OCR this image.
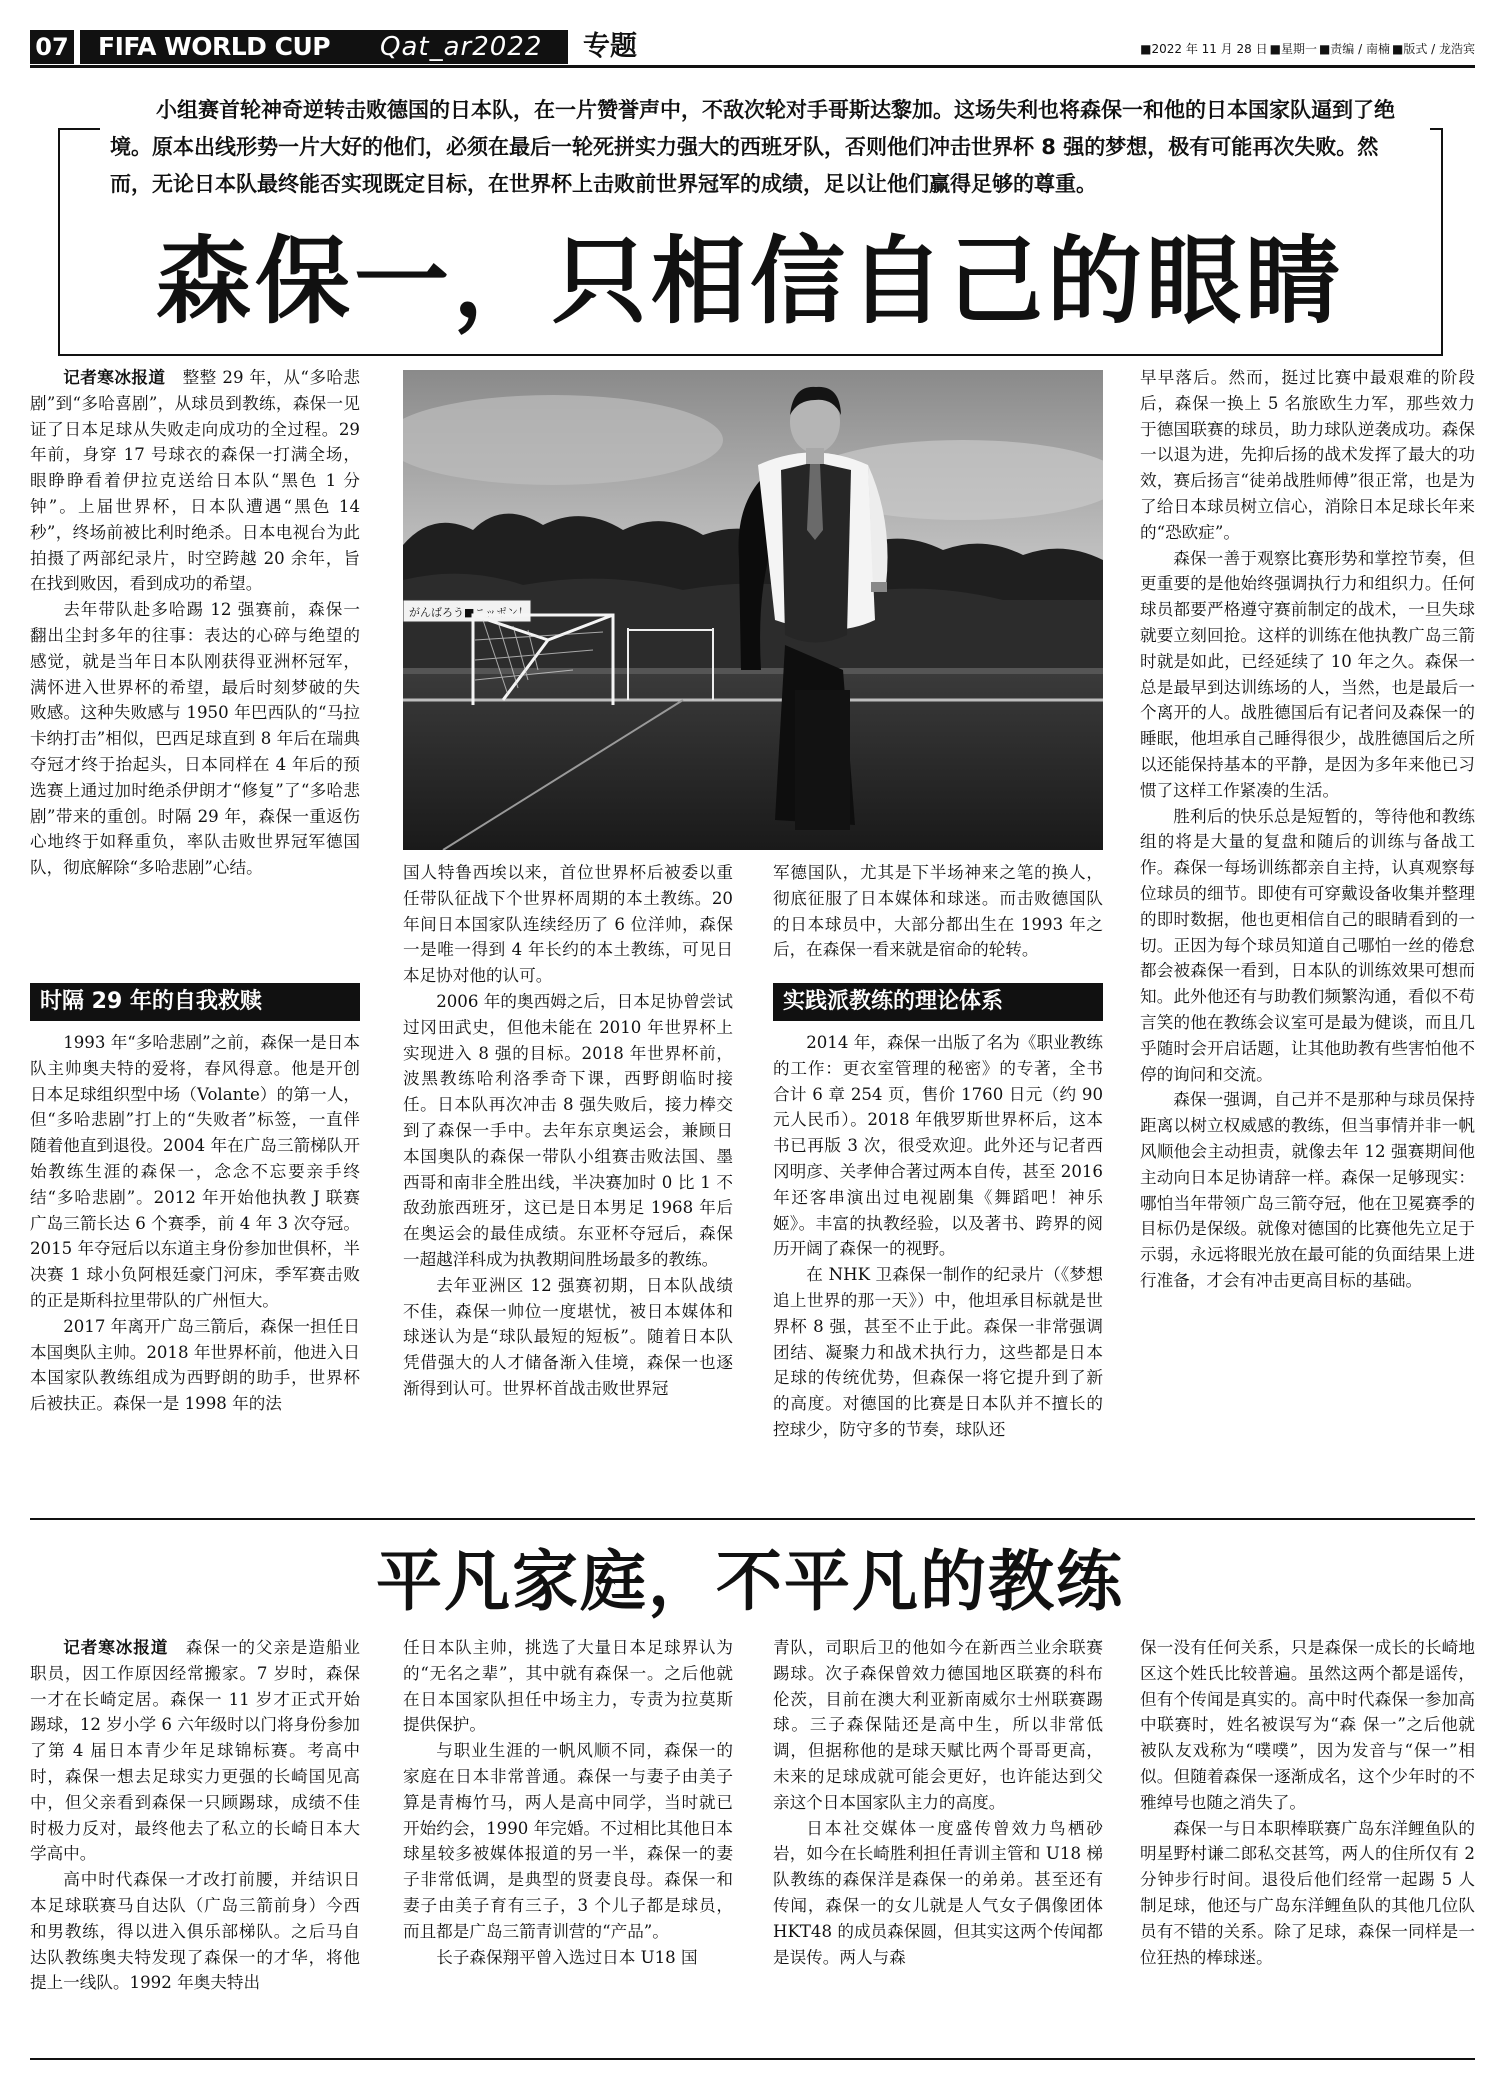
07 FIFA WORLD CUP Qat_ar2022 专题	■2022 年 11 月 28 日 ■星期一 ■责编 / 南楠 ■版式 / 龙浩宾
小组赛首轮神奇逆转击败德国的日本队，在一片赞誉声中，不敌次轮对手哥斯达黎加。这场失利也将森保一和他的日本国家队逼到了绝境。原本出线形势一片大好的他们，必须在最后一轮死拼实力强大的西班牙队，否则他们冲击世界杯 8 强的梦想，极有可能再次失败。然而，无论日本队最终能否实现既定目标，在世界杯上击败前世界冠军的成绩，足以让他们赢得足够的尊重。
森保一，只相信自己的眼睛

记者寒冰报道　 整整 29 年，从“多哈悲剧”到“多哈喜剧”，从球员到教练，森保一见证了日本足球从失败走向成功的全过程。29 年前，身穿 17 号球衣的森保一打满全场，眼睁睁看着伊拉克送给日本队“黑色 1 分钟”。上届世界杯，日本队遭遇“黑色 14 秒”，终场前被比利时绝杀。日本电视台为此拍摄了两部纪录片，时空跨越 20 余年，旨在找到败因，看到成功的希望。

去年带队赴多哈踢 12 强赛前，森保一翻出尘封多年的往事：表达的心碎与绝望的感觉，就是当年日本队刚获得亚洲杯冠军，满怀进入世界杯的希望，最后时刻梦破的失败感。这种失败感与 1950 年巴西队的“马拉卡纳打击”相似，巴西足球直到 8 年后在瑞典夺冠才终于抬起头，日本同样在 4 年后的预选赛上通过加时绝杀伊朗才“修复”了“多哈悲剧”带来的重创。时隔 29 年，森保一重返伤心地终于如释重负，率队击败世界冠军德国队，彻底解除“多哈悲剧”心结。

时隔 29 年的自我救赎

1993 年“多哈悲剧”之前，森保一是日本队主帅奥夫特的爱将，春风得意。他是开创日本足球组织型中场（Volante）的第一人，但“多哈悲剧”打上的“失败者”标签，一直伴随着他直到退役。2004 年在广岛三箭梯队开始教练生涯的森保一，念念不忘要亲手终结“多哈悲剧”。2012 年开始他执教 J 联赛广岛三箭长达 6 个赛季，前 4 年 3 次夺冠。2015 年夺冠后以东道主身份参加世俱杯，半决赛 1 球小负阿根廷豪门河床，季军赛击败的正是斯科拉里带队的广州恒大。

2017 年离开广岛三箭后，森保一担任日本国奥队主帅。2018 年世界杯前，他进入日本国家队教练组成为西野朗的助手，世界杯后被扶正。森保一是 1998 年的法

がんばろう■ニッポン！

国人特鲁西埃以来，首位世界杯后被委以重任带队征战下个世界杯周期的本土教练。20 年间日本国家队连续经历了 6 位洋帅，森保一是唯一得到 4 年长约的本土教练，可见日本足协对他的认可。

2006 年的奥西姆之后，日本足协曾尝试过冈田武史，但他未能在 2010 年世界杯上实现进入 8 强的目标。2018 年世界杯前，波黑教练哈利洛季奇下课，西野朗临时接任。日本队再次冲击 8 强失败后，接力棒交到了森保一手中。去年东京奥运会，兼顾日本国奥队的森保一带队小组赛击败法国、墨西哥和南非全胜出线，半决赛加时 0 比 1 不敌劲旅西班牙，这已是日本男足 1968 年后在奥运会的最佳成绩。东亚杯夺冠后，森保一超越洋科成为执教期间胜场最多的教练。

去年亚洲区 12 强赛初期，日本队战绩不佳，森保一帅位一度堪忧，被日本媒体和球迷认为是“球队最短的短板”。随着日本队凭借强大的人才储备渐入佳境，森保一也逐渐得到认可。世界杯首战击败世界冠

军德国队，尤其是下半场神来之笔的换人，彻底征服了日本媒体和球迷。而击败德国队的日本球员中，大部分都出生在 1993 年之后，在森保一看来就是宿命的轮转。

实践派教练的理论体系

2014 年，森保一出版了名为《职业教练的工作：更衣室管理的秘密》的专著，全书合计 6 章 254 页，售价 1760 日元（约 90 元人民币）。2018 年俄罗斯世界杯后，这本书已再版 3 次，很受欢迎。此外还与记者西冈明彦、关孝伸合著过两本自传，甚至 2016 年还客串演出过电视剧集《舞蹈吧！神乐姬》。丰富的执教经验，以及著书、跨界的阅历开阔了森保一的视野。

在 NHK 卫森保一制作的纪录片（《梦想追上世界的那一天》）中，他坦承目标就是世界杯 8 强，甚至不止于此。森保一非常强调团结、凝聚力和战术执行力，这些都是日本足球的传统优势，但森保一将它提升到了新的高度。对德国的比赛是日本队并不擅长的控球少，防守多的节奏，球队还

早早落后。然而，挺过比赛中最艰难的阶段后，森保一换上 5 名旅欧生力军，那些效力于德国联赛的球员，助力球队逆袭成功。森保一以退为进，先抑后扬的战术发挥了最大的功效，赛后扬言“徒弟战胜师傅”很正常，也是为了给日本球员树立信心，消除日本足球长年来的“恐欧症”。

森保一善于观察比赛形势和掌控节奏，但更重要的是他始终强调执行力和组织力。任何球员都要严格遵守赛前制定的战术，一旦失球就要立刻回抢。这样的训练在他执教广岛三箭时就是如此，已经延续了 10 年之久。森保一总是最早到达训练场的人，当然，也是最后一个离开的人。战胜德国后有记者问及森保一的睡眠，他坦承自己睡得很少，战胜德国后之所以还能保持基本的平静，是因为多年来他已习惯了这样工作紧凑的生活。

胜利后的快乐总是短暂的，等待他和教练组的将是大量的复盘和随后的训练与备战工作。森保一每场训练都亲自主持，认真观察每位球员的细节。即使有可穿戴设备收集并整理的即时数据，他也更相信自己的眼睛看到的一切。正因为每个球员知道自己哪怕一丝的倦怠都会被森保一看到，日本队的训练效果可想而知。此外他还有与助教们频繁沟通，看似不苟言笑的他在教练会议室可是最为健谈，而且几乎随时会开启话题，让其他助教有些害怕他不停的询问和交流。

森保一强调，自己并不是那种与球员保持距离以树立权威感的教练，但当事情并非一帆风顺他会主动担责，就像去年 12 强赛期间他主动向日本足协请辞一样。森保一足够现实：哪怕当年带领广岛三箭夺冠，他在卫冕赛季的目标仍是保级。就像对德国的比赛他先立足于示弱，永远将眼光放在最可能的负面结果上进行准备，才会有冲击更高目标的基础。

平凡家庭，不平凡的教练

记者寒冰报道　 森保一的父亲是造船业职员，因工作原因经常搬家。7 岁时，森保一才在长崎定居。森保一 11 岁才正式开始踢球，12 岁小学 6 六年级时以门将身份参加了第 4 届日本青少年足球锦标赛。考高中时，森保一想去足球实力更强的长崎国见高中，但父亲看到森保一只顾踢球，成绩不佳时极力反对，最终他去了私立的长崎日本大学高中。

高中时代森保一才改打前腰，并结识日本足球联赛马自达队（广岛三箭前身）今西和男教练，得以进入俱乐部梯队。之后马自达队教练奥夫特发现了森保一的才华，将他提上一线队。1992 年奥夫特出

任日本队主帅，挑选了大量日本足球界认为的“无名之辈”，其中就有森保一。之后他就在日本国家队担任中场主力，专责为拉莫斯提供保护。

与职业生涯的一帆风顺不同，森保一的家庭在日本非常普通。森保一与妻子由美子算是青梅竹马，两人是高中同学，当时就已开始约会，1990 年完婚。不过相比其他日本球星较多被媒体报道的另一半，森保一的妻子非常低调，是典型的贤妻良母。森保一和妻子由美子育有三子，3 个儿子都是球员，而且都是广岛三箭青训营的“产品”。

长子森保翔平曾入选过日本 U18 国

青队，司职后卫的他如今在新西兰业余联赛踢球。次子森保曾效力德国地区联赛的科布伦茨，目前在澳大利亚新南威尔士州联赛踢球。三子森保陆还是高中生，所以非常低调，但据称他的是球天赋比两个哥哥更高，未来的足球成就可能会更好，也许能达到父亲这个日本国家队主力的高度。

日本社交媒体一度盛传曾效力鸟栖砂岩，如今在长崎胜利担任青训主管和 U18 梯队教练的森保洋是森保一的弟弟。甚至还有传闻，森保一的女儿就是人气女子偶像团体 HKT48 的成员森保圆，但其实这两个传闻都是误传。两人与森

保一没有任何关系，只是森保一成长的长崎地区这个姓氏比较普遍。虽然这两个都是谣传，但有个传闻是真实的。高中时代森保一参加高中联赛时，姓名被误写为“森 保一”之后他就被队友戏称为“噗噗”，因为发音与“保一”相似。但随着森保一逐渐成名，这个少年时的不雅绰号也随之消失了。

森保一与日本职棒联赛广岛东洋鲤鱼队的明星野村谦二郎私交甚笃，两人的住所仅有 2 分钟步行时间。退役后他们经常一起踢 5 人制足球，他还与广岛东洋鲤鱼队的其他几位队员有不错的关系。除了足球，森保一同样是一位狂热的棒球迷。
